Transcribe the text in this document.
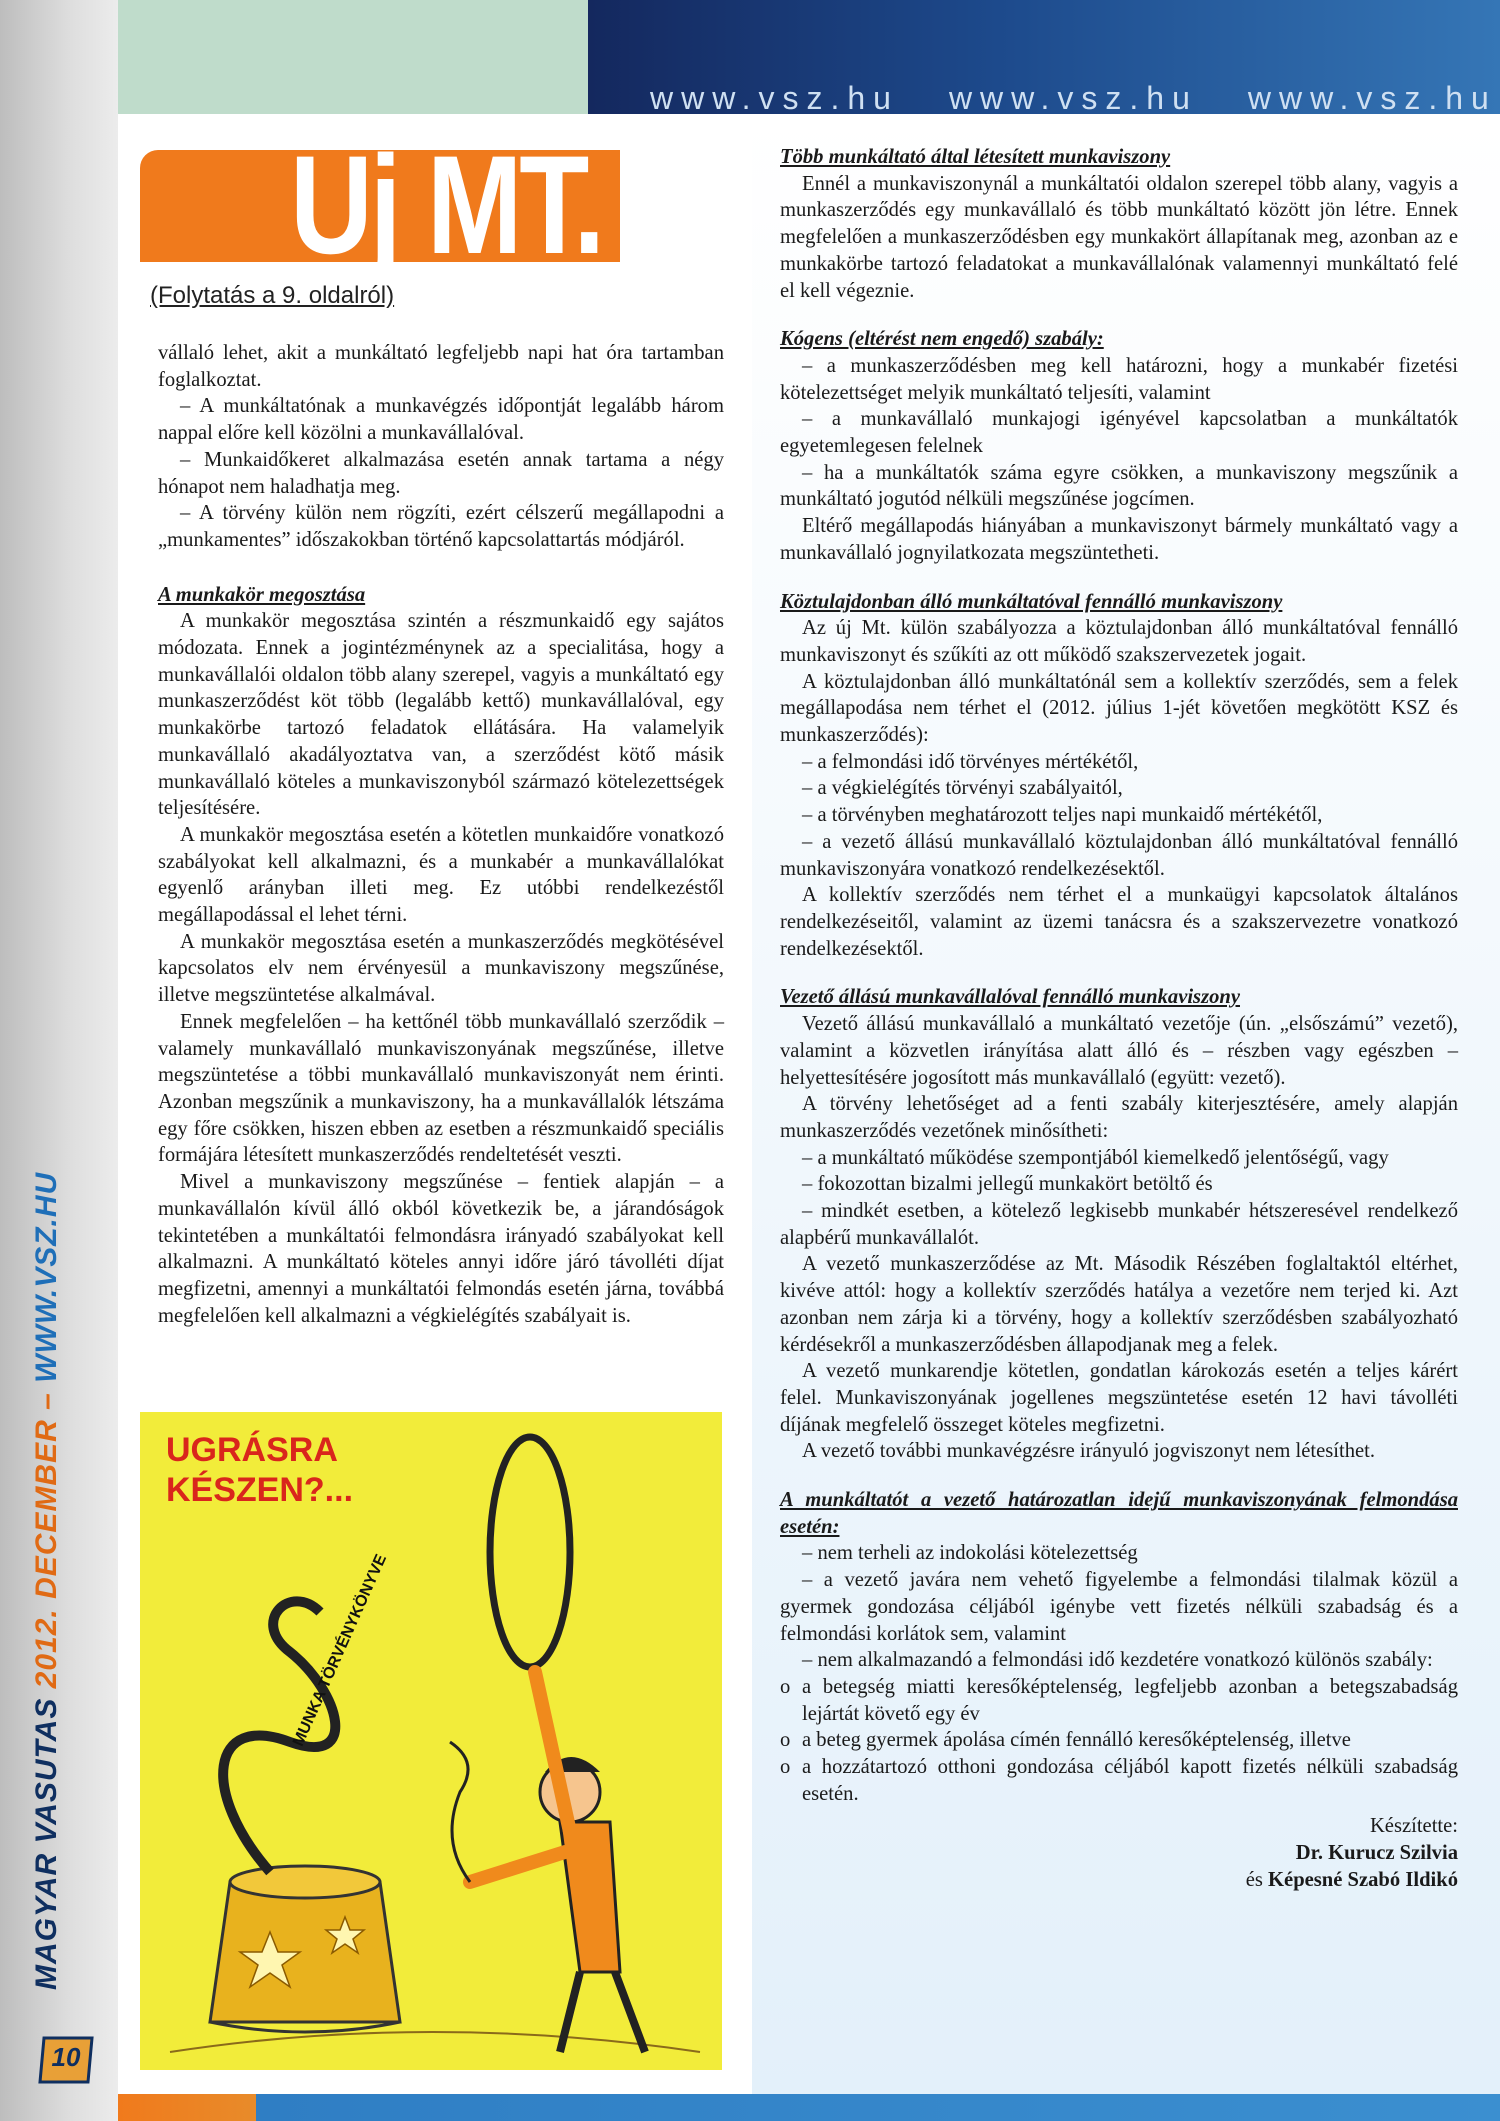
www.vsz.hu www.vsz.hu www.vsz.hu
MAGYAR VASUTAS 2012. DECEMBER – WWW.VSZ.HU
10
Új MT.
(Folytatás a 9. oldalról)

vállaló lehet, akit a munkáltató legfeljebb napi hat óra tartamban foglalkoztat.

– A munkáltatónak a munkavégzés időpontját legalább három nappal előre kell közölni a munkavállalóval.

– Munkaidőkeret alkalmazása esetén annak tartama a négy hónapot nem haladhatja meg.

– A törvény külön nem rögzíti, ezért célszerű megállapodni a „munkamentes” időszakokban történő kapcsolattartás módjáról.

A munkakör megosztása

A munkakör megosztása szintén a részmunkaidő egy sajátos módozata. Ennek a jogintézménynek az a specialitása, hogy a munkavállalói oldalon több alany szerepel, vagyis a munkáltató egy munkaszerződést köt több (legalább kettő) munkavállalóval, egy munkakörbe tartozó feladatok ellátására. Ha valamelyik munkavállaló akadályoztatva van, a szerződést kötő másik munkavállaló köteles a munkaviszonyból származó kötelezettségek teljesítésére.

A munkakör megosztása esetén a kötetlen munkaidőre vonatkozó szabályokat kell alkalmazni, és a munkabér a munkavállalókat egyenlő arányban illeti meg. Ez utóbbi rendelkezéstől megállapodással el lehet térni.

A munkakör megosztása esetén a munkaszerződés megkötésével kapcsolatos elv nem érvényesül a munkaviszony megszűnése, illetve megszüntetése alkalmával.

Ennek megfelelően – ha kettőnél több munkavállaló szerződik – valamely munkavállaló munkaviszonyának megszűnése, illetve megszüntetése a többi munkavállaló munkaviszonyát nem érinti. Azonban megszűnik a munkaviszony, ha a munkavállalók létszáma egy főre csökken, hiszen ebben az esetben a részmunkaidő speciális formájára létesített munkaszerződés rendeltetését veszti.

Mivel a munkaviszony megszűnése – fentiek alapján – a munkavállalón kívül álló okból következik be, a járandóságok tekintetében a munkáltatói felmondásra irányadó szabályokat kell alkalmazni. A munkáltató köteles annyi időre járó távolléti díjat megfizetni, amennyi a munkáltatói felmondás esetén járna, továbbá megfelelően kell alkalmazni a végkielégítés szabályait is.

MUNKA TÖRVÉNYKÖNYVE
UGRÁSRA
KÉSZEN?...

Több munkáltató által létesített munkaviszony

Ennél a munkaviszonynál a munkáltatói oldalon szerepel több alany, vagyis a munkaszerződés egy munkavállaló és több munkáltató között jön létre. Ennek megfelelően a munkaszerződésben egy munkakört állapítanak meg, azonban az e munkakörbe tartozó feladatokat a munkavállalónak valamennyi munkáltató felé el kell végeznie.

Kógens (eltérést nem engedő) szabály:

– a munkaszerződésben meg kell határozni, hogy a munkabér fizetési kötelezettséget melyik munkáltató teljesíti, valamint

– a munkavállaló munkajogi igényével kapcsolatban a munkáltatók egyetemlegesen felelnek

– ha a munkáltatók száma egyre csökken, a munkaviszony megszűnik a munkáltató jogutód nélküli megszűnése jogcímen.

Eltérő megállapodás hiányában a munkaviszonyt bármely munkáltató vagy a munkavállaló jognyilatkozata megszüntetheti.

Köztulajdonban álló munkáltatóval fennálló munkaviszony

Az új Mt. külön szabályozza a köztulajdonban álló munkáltatóval fennálló munkaviszonyt és szűkíti az ott működő szakszervezetek jogait.

A köztulajdonban álló munkáltatónál sem a kollektív szerződés, sem a felek megállapodása nem térhet el (2012. július 1-jét követően megkötött KSZ és munkaszerződés):

– a felmondási idő törvényes mértékétől,

– a végkielégítés törvényi szabályaitól,

– a törvényben meghatározott teljes napi munkaidő mértékétől,

– a vezető állású munkavállaló köztulajdonban álló munkáltatóval fennálló munkaviszonyára vonatkozó rendelkezésektől.

A kollektív szerződés nem térhet el a munkaügyi kapcsolatok általános rendelkezéseitől, valamint az üzemi tanácsra és a szakszervezetre vonatkozó rendelkezésektől.

Vezető állású munkavállalóval fennálló munkaviszony

Vezető állású munkavállaló a munkáltató vezetője (ún. „elsőszámú” vezető), valamint a közvetlen irányítása alatt álló és – részben vagy egészben – helyettesítésére jogosított más munkavállaló (együtt: vezető).

A törvény lehetőséget ad a fenti szabály kiterjesztésére, amely alapján munkaszerződés vezetőnek minősítheti:

– a munkáltató működése szempontjából kiemelkedő jelentőségű, vagy

– fokozottan bizalmi jellegű munkakört betöltő és

– mindkét esetben, a kötelező legkisebb munkabér hétszeresével rendelkező alapbérű munkavállalót.

A vezető munkaszerződése az Mt. Második Részében foglaltaktól eltérhet, kivéve attól: hogy a kollektív szerződés hatálya a vezetőre nem terjed ki. Azt azonban nem zárja ki a törvény, hogy a kollektív szerződésben szabályozható kérdésekről a munkaszerződésben állapodjanak meg a felek.

A vezető munkarendje kötetlen, gondatlan károkozás esetén a teljes kárért felel. Munkaviszonyának jogellenes megszüntetése esetén 12 havi távolléti díjának megfelelő összeget köteles megfizetni.

A vezető további munkavégzésre irányuló jogviszonyt nem létesíthet.

A munkáltatót a vezető határozatlan idejű munkaviszonyának felmondása esetén:

– nem terheli az indokolási kötelezettség

– a vezető javára nem vehető figyelembe a felmondási tilalmak közül a gyermek gondozása céljából igénybe vett fizetés nélküli szabadság és a felmondási korlátok sem, valamint

– nem alkalmazandó a felmondási idő kezdetére vonatkozó különös szabály:

o a betegség miatti keresőképtelenség, legfeljebb azonban a betegszabadság lejártát követő egy év

o a beteg gyermek ápolása címén fennálló keresőképtelenség, illetve

o a hozzátartozó otthoni gondozása céljából kapott fizetés nélküli szabadság esetén.

Készítette:

Dr. Kurucz Szilvia

és Képesné Szabó Ildikó
